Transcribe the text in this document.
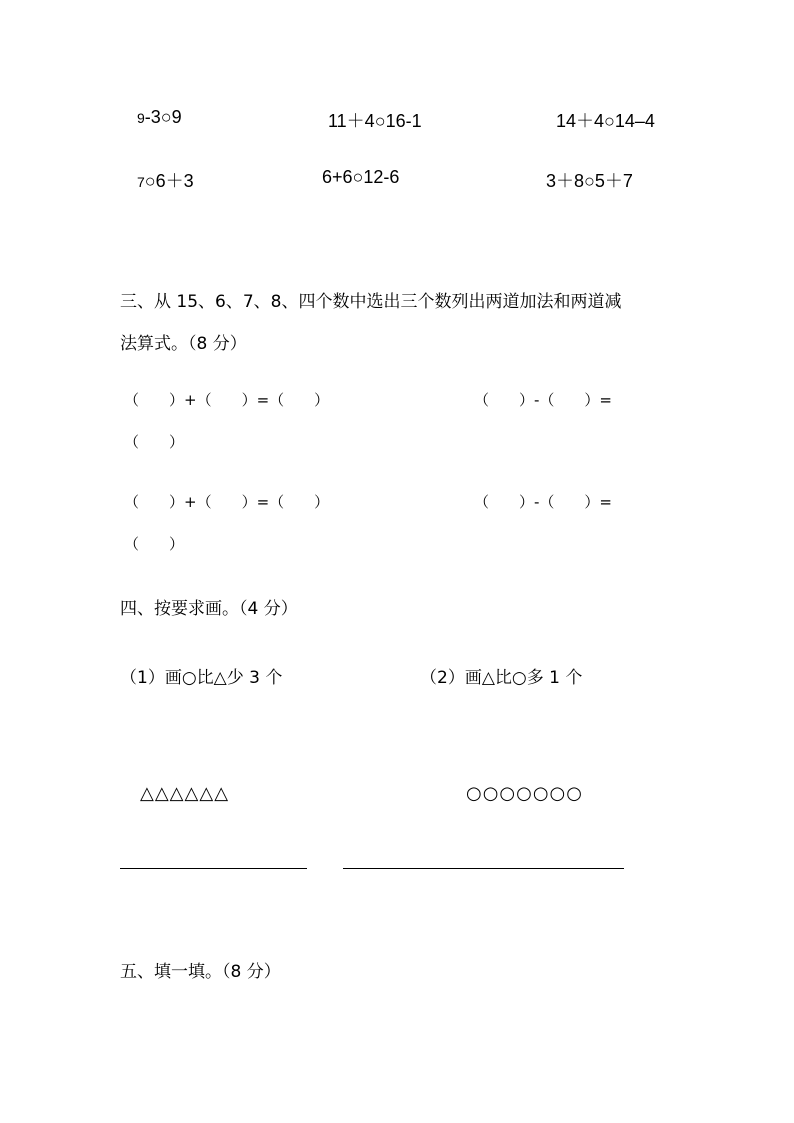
9-3○9	11＋4○16-1	14＋4○14–4
7○6＋3	6+6○12-6	3＋8○5＋7
三、从 15、6、7、8、四个数中选出三个数列出两道加法和两道减
法算式。（8 分）
（　　）+（　　）=（　　）	（　　）-（　　）=
（　　）
（　　）+（　　）=（　　）	（　　）-（　　）=
（　　）
四、按要求画。（4 分）
（1）画○比△少 3 个	（2）画△比○多 1 个
△△△△△△	○○○○○○○
五、填一填。（8 分）
